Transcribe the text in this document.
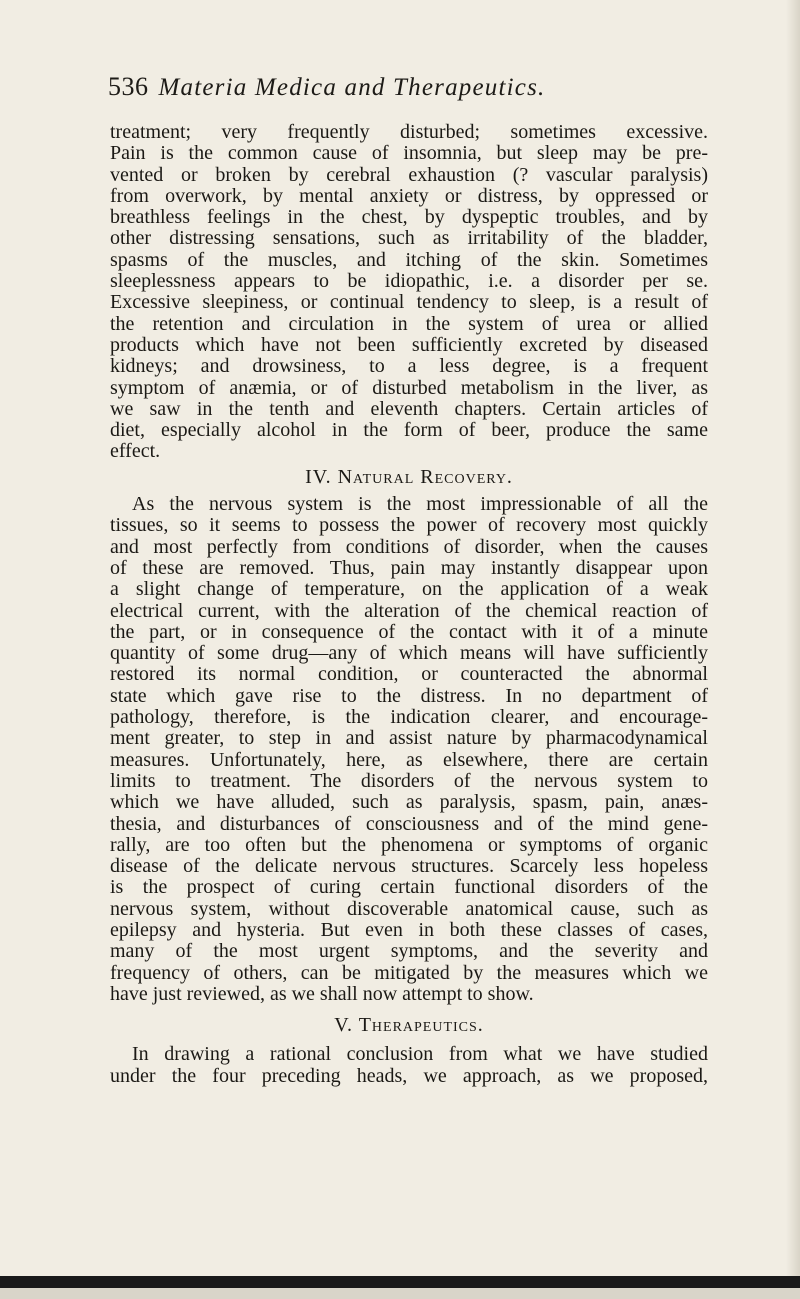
536 Materia Medica and Therapeutics.
treatment; very frequently disturbed; sometimes excessive.
Pain is the common cause of insomnia, but sleep may be pre-
vented or broken by cerebral exhaustion (? vascular paralysis)
from overwork, by mental anxiety or distress, by oppressed or
breathless feelings in the chest, by dyspeptic troubles, and by
other distressing sensations, such as irritability of the bladder,
spasms of the muscles, and itching of the skin. Sometimes
sleeplessness appears to be idiopathic, i.e. a disorder per se.
Excessive sleepiness, or continual tendency to sleep, is a result of
the retention and circulation in the system of urea or allied
products which have not been sufficiently excreted by diseased
kidneys; and drowsiness, to a less degree, is a frequent
symptom of anæmia, or of disturbed metabolism in the liver, as
we saw in the tenth and eleventh chapters. Certain articles of
diet, especially alcohol in the form of beer, produce the same
effect.
IV. Natural Recovery.
As the nervous system is the most impressionable of all the
tissues, so it seems to possess the power of recovery most quickly
and most perfectly from conditions of disorder, when the causes
of these are removed. Thus, pain may instantly disappear upon
a slight change of temperature, on the application of a weak
electrical current, with the alteration of the chemical reaction of
the part, or in consequence of the contact with it of a minute
quantity of some drug—any of which means will have sufficiently
restored its normal condition, or counteracted the abnormal
state which gave rise to the distress. In no department of
pathology, therefore, is the indication clearer, and encourage-
ment greater, to step in and assist nature by pharmacodynamical
measures. Unfortunately, here, as elsewhere, there are certain
limits to treatment. The disorders of the nervous system to
which we have alluded, such as paralysis, spasm, pain, anæs-
thesia, and disturbances of consciousness and of the mind gene-
rally, are too often but the phenomena or symptoms of organic
disease of the delicate nervous structures. Scarcely less hopeless
is the prospect of curing certain functional disorders of the
nervous system, without discoverable anatomical cause, such as
epilepsy and hysteria. But even in both these classes of cases,
many of the most urgent symptoms, and the severity and
frequency of others, can be mitigated by the measures which we
have just reviewed, as we shall now attempt to show.
V. Therapeutics.
In drawing a rational conclusion from what we have studied
under the four preceding heads, we approach, as we proposed,
